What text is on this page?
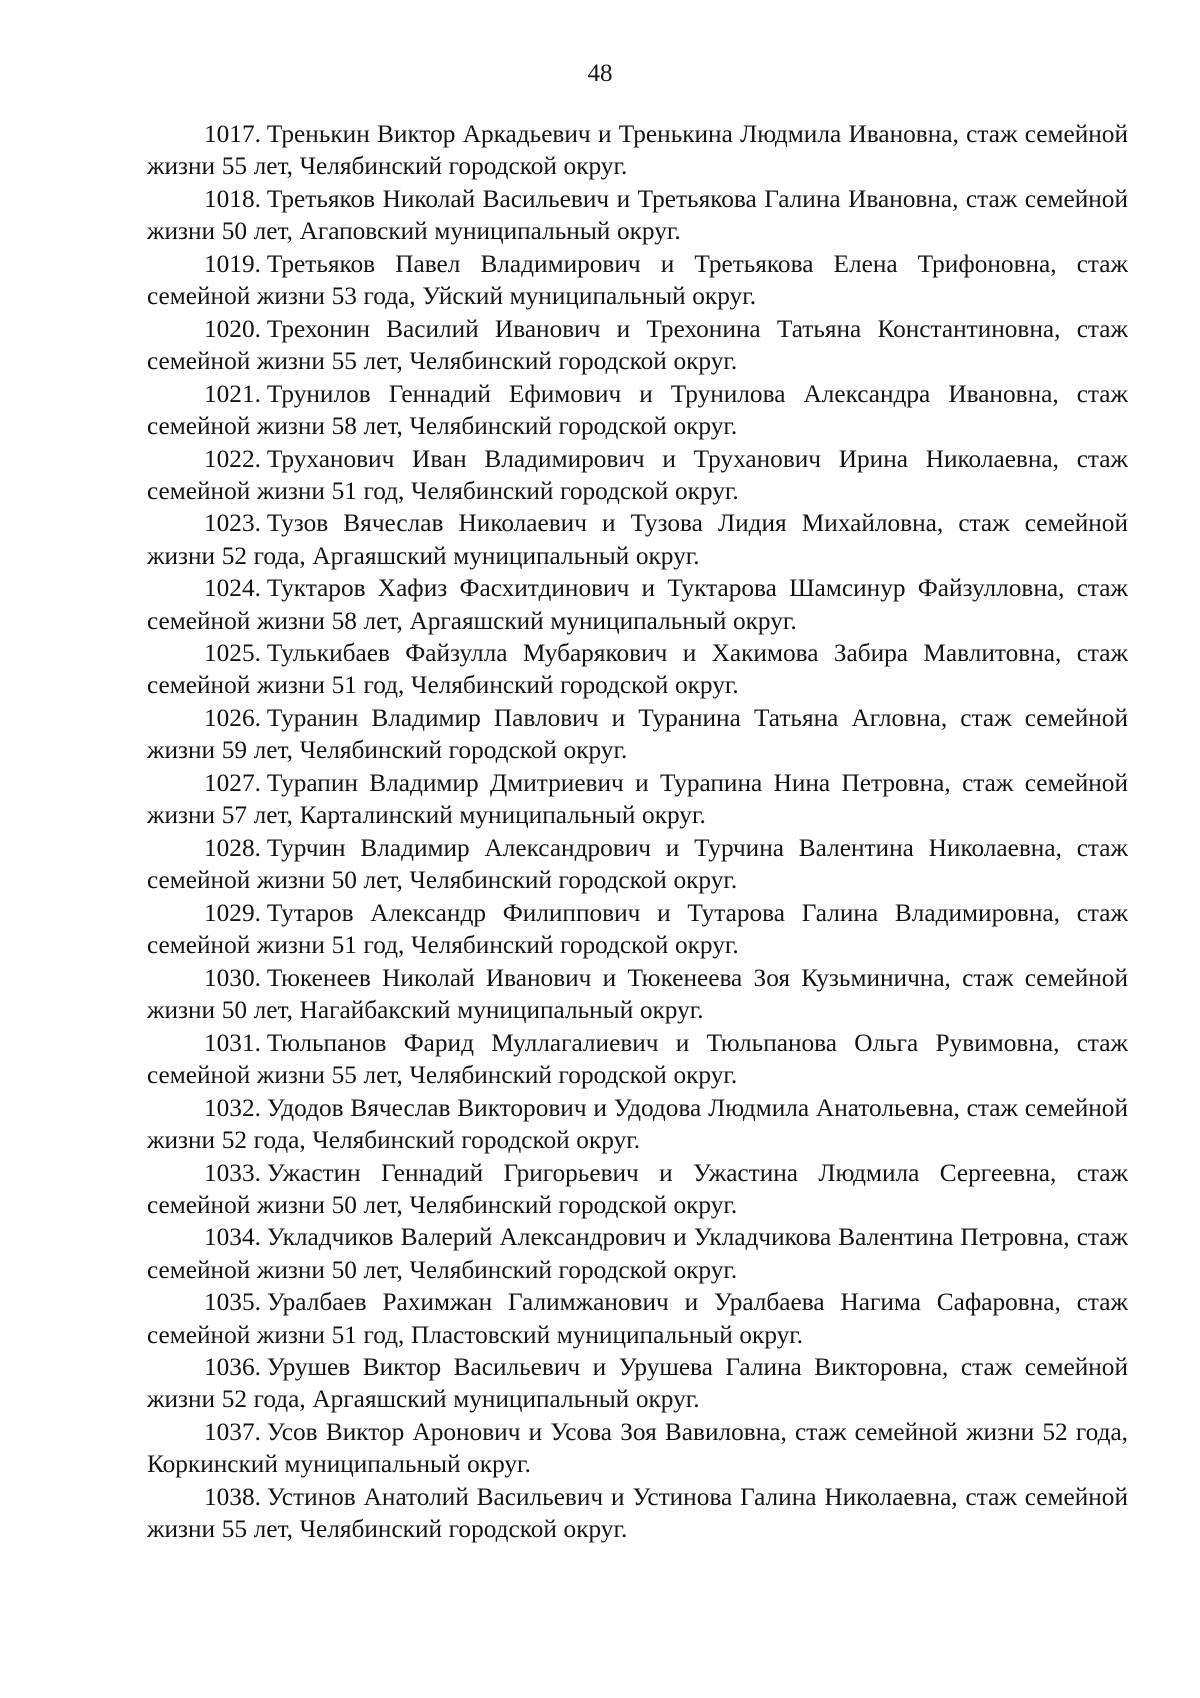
48

1017. Тренькин Виктор Аркадьевич и Тренькина Людмила Ивановна, стаж семейной жизни 55 лет, Челябинский городской округ.

1018. Третьяков Николай Васильевич и Третьякова Галина Ивановна, стаж семейной жизни 50 лет, Агаповский муниципальный округ.

1019. Третьяков Павел Владимирович и Третьякова Елена Трифоновна, стаж семейной жизни 53 года, Уйский муниципальный округ.

1020. Трехонин Василий Иванович и Трехонина Татьяна Константиновна, стаж семейной жизни 55 лет, Челябинский городской округ.

1021. Трунилов Геннадий Ефимович и Трунилова Александра Ивановна, стаж семейной жизни 58 лет, Челябинский городской округ.

1022. Труханович Иван Владимирович и Труханович Ирина Николаевна, стаж семейной жизни 51 год, Челябинский городской округ.

1023. Тузов Вячеслав Николаевич и Тузова Лидия Михайловна, стаж семейной жизни 52 года, Аргаяшский муниципальный округ.

1024. Туктаров Хафиз Фасхитдинович и Туктарова Шамсинур Файзулловна, стаж семейной жизни 58 лет, Аргаяшский муниципальный округ.

1025. Тулькибаев Файзулла Мубарякович и Хакимова Забира Мавлитовна, стаж семейной жизни 51 год, Челябинский городской округ.

1026. Туранин Владимир Павлович и Туранина Татьяна Агловна, стаж семейной жизни 59 лет, Челябинский городской округ.

1027. Турапин Владимир Дмитриевич и Турапина Нина Петровна, стаж семейной жизни 57 лет, Карталинский муниципальный округ.

1028. Турчин Владимир Александрович и Турчина Валентина Николаевна, стаж семейной жизни 50 лет, Челябинский городской округ.

1029. Тутаров Александр Филиппович и Тутарова Галина Владимировна, стаж семейной жизни 51 год, Челябинский городской округ.

1030. Тюкенеев Николай Иванович и Тюкенеева Зоя Кузьминична, стаж семейной жизни 50 лет, Нагайбакский муниципальный округ.

1031. Тюльпанов Фарид Муллагалиевич и Тюльпанова Ольга Рувимовна, стаж семейной жизни 55 лет, Челябинский городской округ.

1032. Удодов Вячеслав Викторович и Удодова Людмила Анатольевна, стаж семейной жизни 52 года, Челябинский городской округ.

1033. Ужастин Геннадий Григорьевич и Ужастина Людмила Сергеевна, стаж семейной жизни 50 лет, Челябинский городской округ.

1034. Укладчиков Валерий Александрович и Укладчикова Валентина Петровна, стаж семейной жизни 50 лет, Челябинский городской округ.

1035. Уралбаев Рахимжан Галимжанович и Уралбаева Нагима Сафаровна, стаж семейной жизни 51 год, Пластовский муниципальный округ.

1036. Урушев Виктор Васильевич и Урушева Галина Викторовна, стаж семейной жизни 52 года, Аргаяшский муниципальный округ.

1037. Усов Виктор Аронович и Усова Зоя Вавиловна, стаж семейной жизни 52 года, Коркинский муниципальный округ.

1038. Устинов Анатолий Васильевич и Устинова Галина Николаевна, стаж семейной жизни 55 лет, Челябинский городской округ.
